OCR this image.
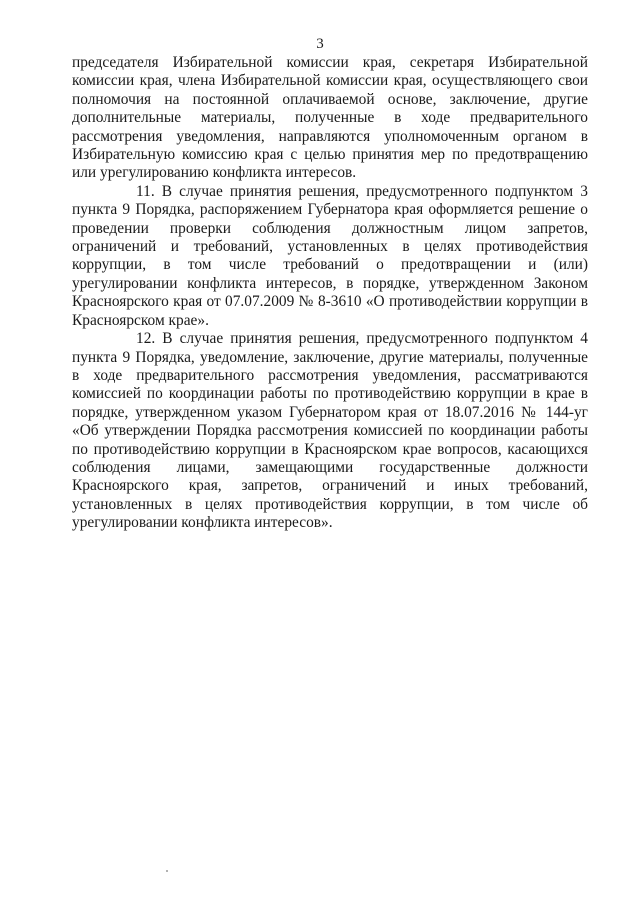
3

председателя Избирательной комиссии края, секретаря Избирательной комиссии края, члена Избирательной комиссии края, осуществляющего свои полномочия на постоянной оплачиваемой основе, заключение, другие дополнительные материалы, полученные в ходе предварительного рассмотрения уведомления, направляются уполномоченным органом в Избирательную комиссию края с целью принятия мер по предотвращению или урегулированию конфликта интересов.

11. В случае принятия решения, предусмотренного подпунктом 3 пункта 9 Порядка, распоряжением Губернатора края оформляется решение о проведении проверки соблюдения должностным лицом запретов, ограничений и требований, установленных в целях противодействия коррупции, в том числе требований о предотвращении и (или) урегулировании конфликта интересов, в порядке, утвержденном Законом Красноярского края от 07.07.2009 № 8-3610 «О противодействии коррупции в Красноярском крае».

12. В случае принятия решения, предусмотренного подпунктом 4 пункта 9 Порядка, уведомление, заключение, другие материалы, полученные в ходе предварительного рассмотрения уведомления, рассматриваются комиссией по координации работы по противодействию коррупции в крае в порядке, утвержденном указом Губернатором края от 18.07.2016 № 144-уг «Об утверждении Порядка рассмотрения комиссией по координации работы по противодействию коррупции в Красноярском крае вопросов, касающихся соблюдения лицами, замещающими государственные должности Красноярского края, запретов, ограничений и иных требований, установленных в целях противодействия коррупции, в том числе об урегулировании конфликта интересов».
